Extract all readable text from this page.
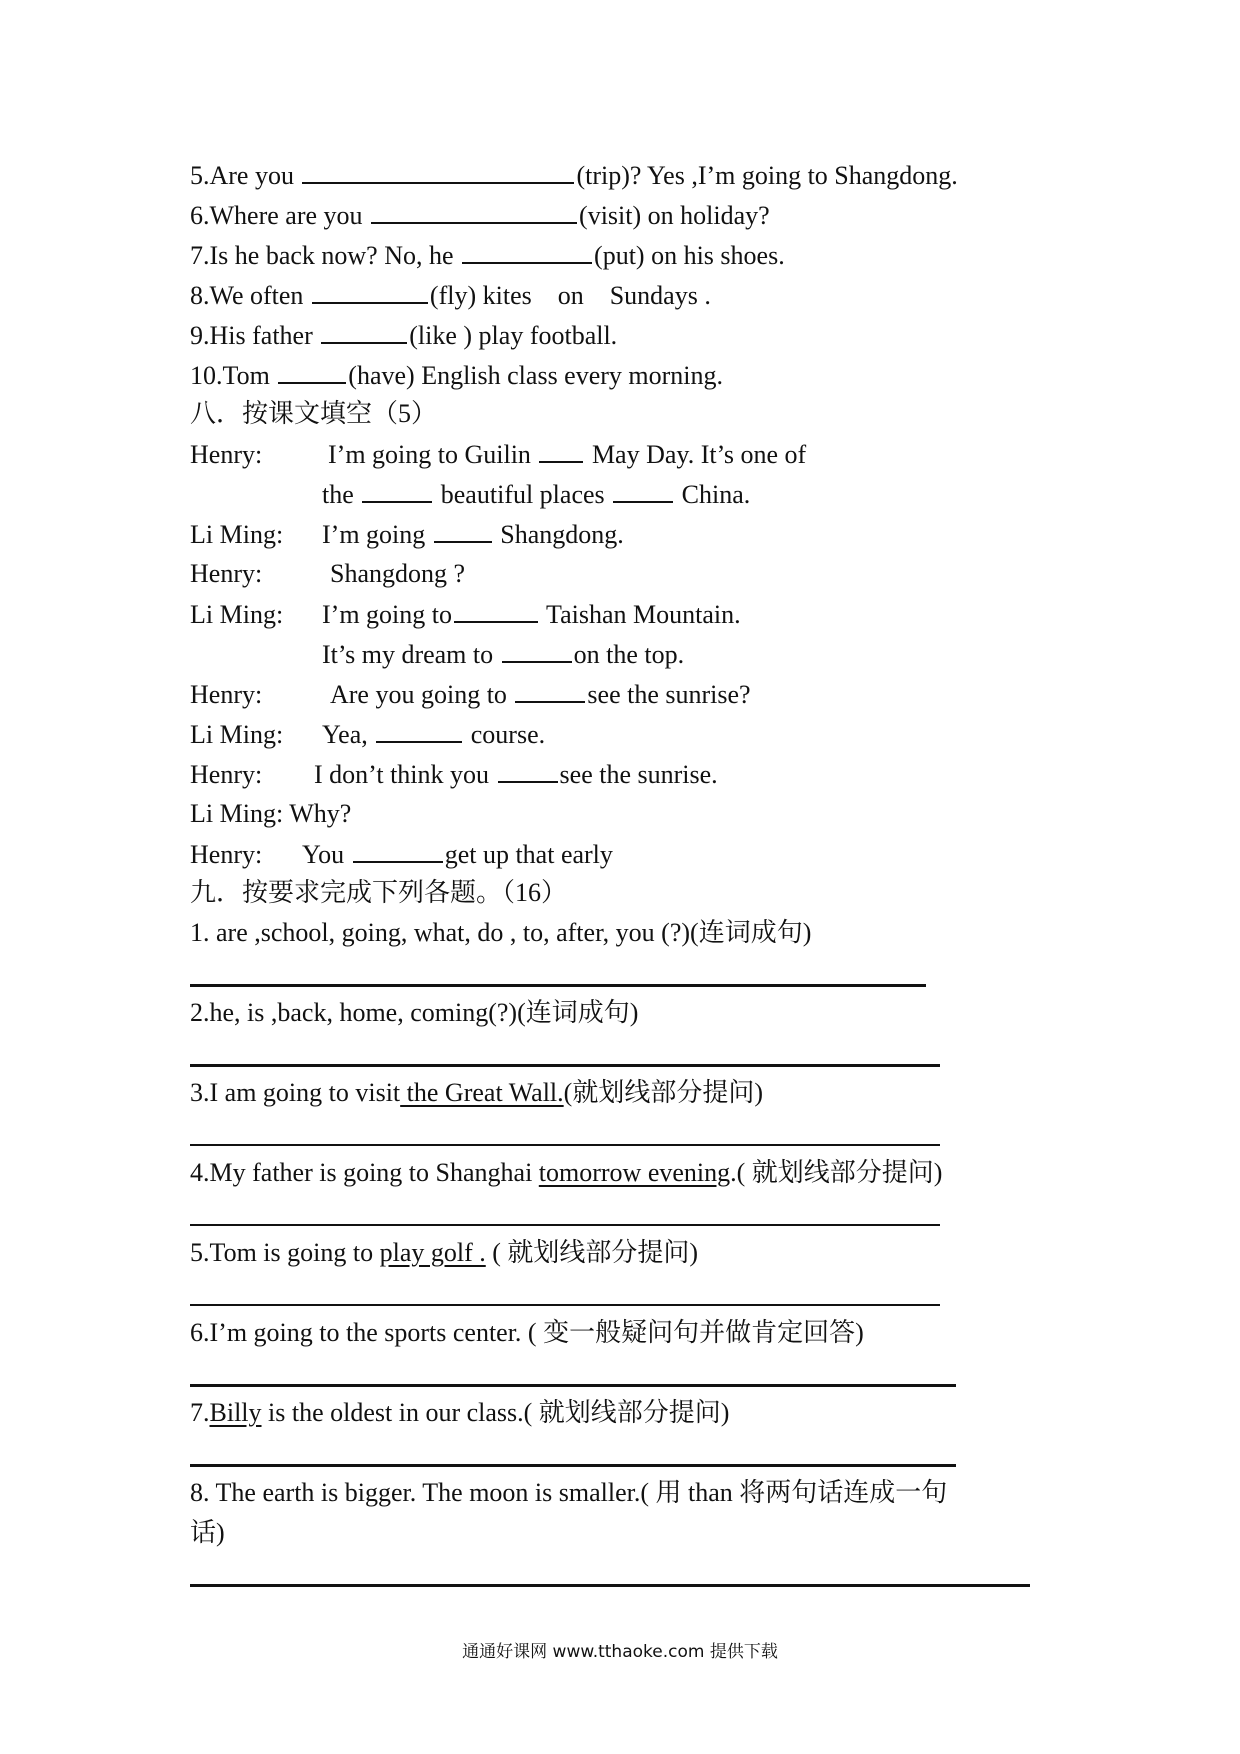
5.Are you	(trip)? Yes ,I’m going to Shangdong.
6.Where are you	(visit) on holiday?
7.Is he back now? No, he	(put) on his shoes.
8.We often	(fly) kites    on    Sundays .
9.His father	(like ) play football.
10.Tom	(have) English class every morning.
八．按课文填空（5）
Henry:	I’m going to Guilin  May Day. It’s one of
the	beautiful places  China.
Li Ming: I’m going  Shangdong.
Henry:	Shangdong ?
Li Ming: I’m going to	Taishan Mountain.
It’s my dream to	on the top.
Henry:	Are you going to	see the sunrise?
Li Ming: Yea,	course.
Henry: I don’t think you see the sunrise.
Li Ming: Why?
Henry: You	get up that early
九．按要求完成下列各题。（16）
1. are ,school, going, what, do , to, after, you (?)(连词成句)
2.he, is ,back, home, coming(?)(连词成句)
3.I am going to visit the Great Wall.(就划线部分提问)
4.My father is going to Shanghai tomorrow evening.( 就划线部分提问)
5.Tom is going to play golf . ( 就划线部分提问)
6.I’m going to the sports center. ( 变一般疑问句并做肯定回答)
7.Billy is the oldest in our class.( 就划线部分提问)
8. The earth is bigger. The moon is smaller.( 用 than 将两句话连成一句
话)
通通好课网 www.tthaoke.com 提供下载
